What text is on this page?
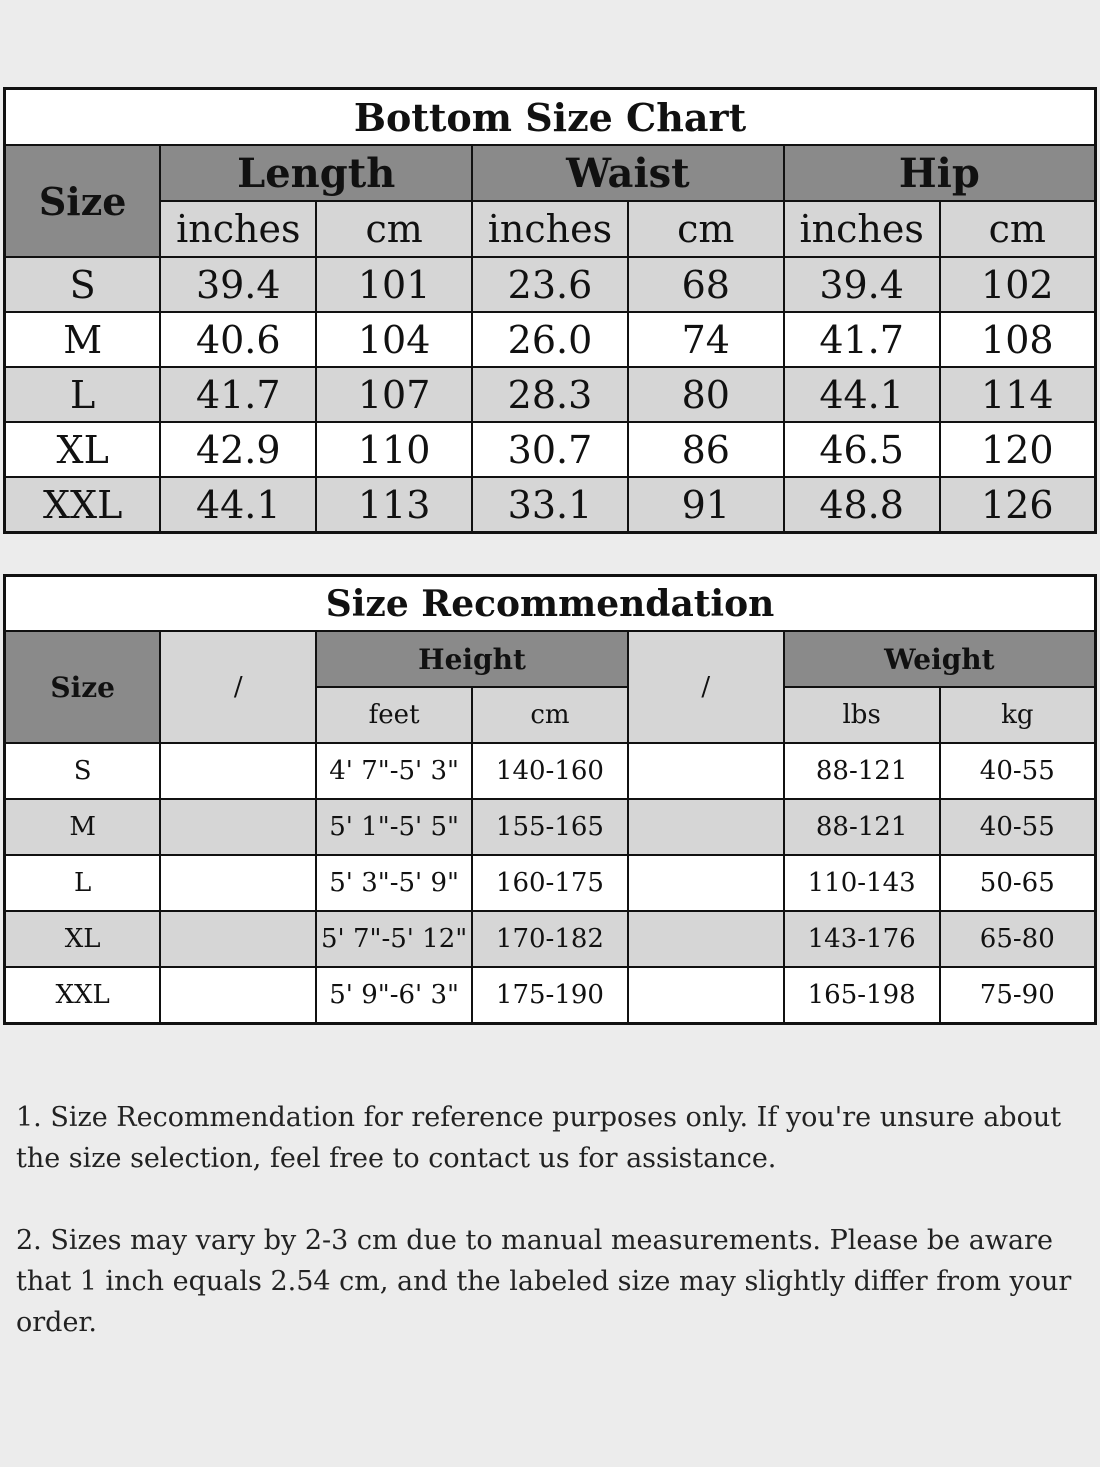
Bottom Size Chart						
Size	Length		Waist		Hip	
	inches	cm	inches	cm	inches	cm
S	39.4	101	23.6	68	39.4	102
M	40.6	104	26.0	74	41.7	108
L	41.7	107	28.3	80	44.1	114
XL	42.9	110	30.7	86	46.5	120
XXL	44.1	113	33.1	91	48.8	126
Size Recommendation						
Size	/	Height		/	Weight	
		feet	cm		lbs	kg
S		4' 7"-5' 3"	140-160		88-121	40-55
M		5' 1"-5' 5"	155-165		88-121	40-55
L		5' 3"-5' 9"	160-175		110-143	50-65
XL		5' 7"-5' 12"	170-182		143-176	65-80
XXL		5' 9"-6' 3"	175-190		165-198	75-90
1. Size Recommendation for reference purposes only. If you're unsure about the size selection, feel free to contact us for assistance.
2. Sizes may vary by 2-3 cm due to manual measurements. Please be aware that 1 inch equals 2.54 cm, and the labeled size may slightly differ from your order.
